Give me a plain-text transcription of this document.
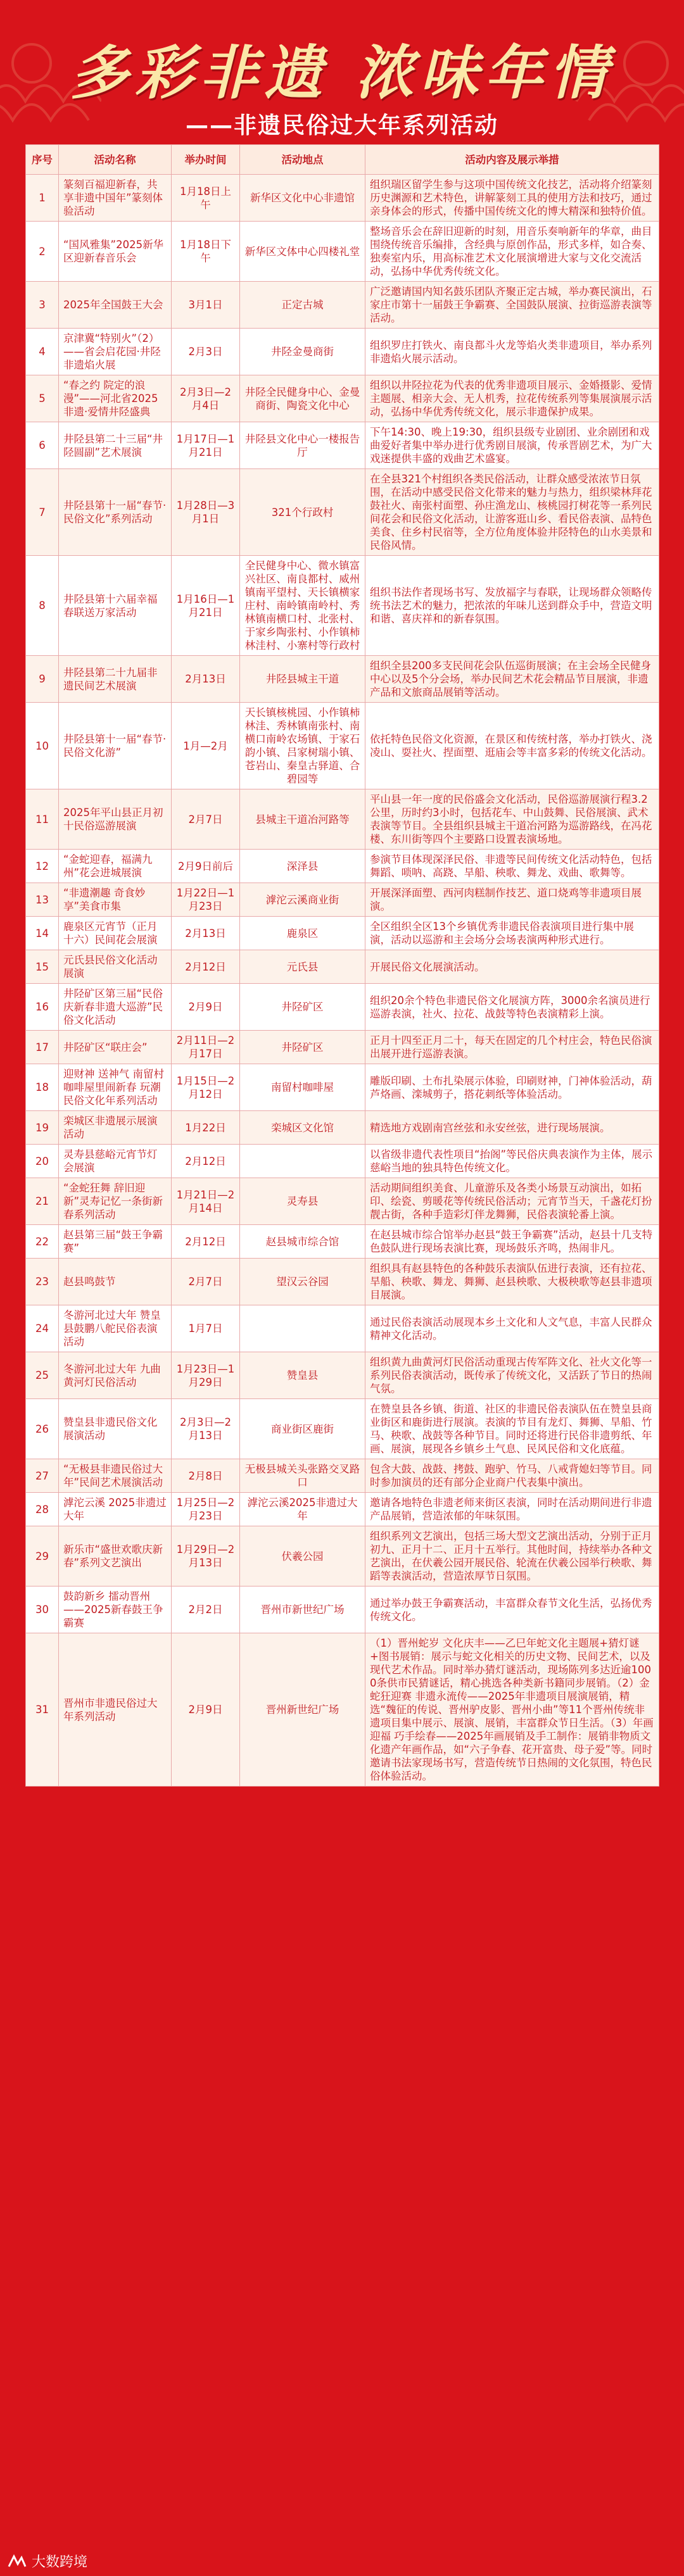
多彩非遗 浓味年情
——非遗民俗过大年系列活动
序号	活动名称	举办时间	活动地点	活动内容及展示举措
1	篆刻百福迎新春，共享非遗中国年”篆刻体验活动	1月18日上午	新华区文化中心非遗馆	组织瑞区留学生参与这项中国传统文化技艺，活动将介绍篆刻历史渊源和艺术特色，讲解篆刻工具的使用方法和技巧，通过亲身体会的形式，传播中国传统文化的博大精深和独特价值。
2	“国风雅集”2025新华区迎新春音乐会	1月18日下午	新华区文体中心四楼礼堂	整场音乐会在辞旧迎新的时刻，用音乐奏响新年的华章，曲目围绕传统音乐编排，含经典与原创作品，形式多样，如合奏、独奏室内乐，用高标准艺术文化展演增进大家与文化交流活动，弘扬中华优秀传统文化。
3	2025年全国鼓王大会	3月1日	正定古城	广泛邀请国内知名鼓乐团队齐聚正定古城，举办赛民演出，石家庄市第十一届鼓王争霸赛、全国鼓队展演、拉街巡游表演等活动。
4	京津冀“特别火”（2）——省会启花园·井陉非遗焰火展	2月3日	井陉金曼商街	组织罗庄打铁火、南良都斗火龙等焰火类非遗项目，举办系列非遗焰火展示活动。
5	“春之约 院定的浪漫”——河北省2025非遗·爱情井陉盛典	2月3日—2月4日	井陉全民健身中心、金曼商街、陶瓷文化中心	组织以井陉拉花为代表的优秀非遗项目展示、金婚摄影、爱情主题展、相亲大会、无人机秀，拉花传统系列等集展演展示活动，弘扬中华优秀传统文化，展示非遗保护成果。
6	井陉县第二十三届“井陉圆副”艺术展演	1月17日—1月21日	井陉县文化中心一楼报告厅	下午14:30、晚上19:30，组织县级专业剧团、业余剧团和戏曲爱好者集中举办进行优秀剧目展演，传承晋剧艺术，为广大戏迷提供丰盛的戏曲艺术盛宴。
7	井陉县第十一届“春节·民俗文化”系列活动	1月28日—3月1日	321个行政村	在全县321个村组织各类民俗活动，让群众感受浓浓节日氛围，在活动中感受民俗文化带来的魅力与热力，组织梁林拜花鼓社火、南张村面塑、孙庄渔龙山、核桃园打树花等一系列民间花会和民俗文化活动，让游客逛山乡、看民俗表演、品特色美食、住乡村民宿等，全方位角度体验井陉特色的山水美景和民俗风情。
8	井陉县第十六届幸福春联送万家活动	1月16日—1月21日	全民健身中心、微水镇富兴社区、南良都村、威州镇南平望村、天长镇横家庄村、南岭镇南岭村、秀林镇南横口村、北张村、于家乡陶张村、小作镇柿林洼村、小寨村等行政村	组织书法作者现场书写、发放福字与春联，让现场群众领略传统书法艺术的魅力，把浓浓的年味儿送到群众手中，营造文明和谐、喜庆祥和的新春氛围。
9	井陉县第二十九届非遗民间艺术展演	2月13日	井陉县城主干道	组织全县200多支民间花会队伍巡街展演；在主会场全民健身中心以及5个分会场，举办民间艺术花会精品节目展演，非遗产品和文旅商品展销等活动。
10	井陉县第十一届“春节·民俗文化游”	1月—2月	天长镇核桃园、小作镇柿林洼、秀林镇南张村、南横口南岭农场镇、于家石韵小镇、吕家树瑞小镇、苍岩山、秦皇古驿道、合碧园等	依托特色民俗文化资源，在景区和传统村落，举办打铁火、浇凌山、耍社火、捏面塑、逛庙会等丰富多彩的传统文化活动。
11	2025年平山县正月初十民俗巡游展演	2月7日	县城主干道冶河路等	平山县一年一度的民俗盛会文化活动，民俗巡游展演行程3.2公里，历时约3小时，包括花车、中山鼓舞、民俗展演、武术表演等节目。全县组织县城主干道冶河路为巡游路线，在冯花楼、东川街等四个主要路口设置表演场地。
12	“金蛇迎春，福满九州”花会进城展演	2月9日前后	深泽县	参演节目体现深泽民俗、非遗等民间传统文化活动特色，包括舞蹈、唢呐、高跷、旱船、秧歌、舞龙、戏曲、歌舞等。
13	“非遗潮趣 奇食妙享”美食市集	1月22日—1月23日	滹沱云溪商业街	开展深泽面塑、西河肉糕制作技艺、道口烧鸡等非遗项目展演。
14	鹿泉区元宵节（正月十六）民间花会展演	2月13日	鹿泉区	全区组织全区13个乡镇优秀非遗民俗表演项目进行集中展演，活动以巡游和主会场分会场表演两种形式进行。
15	元氏县民俗文化活动展演	2月12日	元氏县	开展民俗文化展演活动。
16	井陉矿区第三届“民俗庆新春非遗大巡游”民俗文化活动	2月9日	井陉矿区	组织20余个特色非遗民俗文化展演方阵，3000余名演员进行巡游表演，社火、拉花、战鼓等特色表演精彩上演。
17	井陉矿区“联庄会”	2月11日—2月17日	井陉矿区	正月十四至正月二十，每天在固定的几个村庄会，特色民俗演出展开进行巡游表演。
18	迎财神 送神气 南留村咖啡屋里闹新春 玩潮民俗文化年系列活动	1月15日—2月12日	南留村咖啡屋	雕版印刷、土布扎染展示体验，印刷财神，门神体验活动，葫芦烙画、滦城剪子，搭花刺纸等体验活动。
19	栾城区非遗展示展演活动	1月22日	栾城区文化馆	精选地方戏剧南宫丝弦和永安丝弦，进行现场展演。
20	灵寿县慈峪元宵节灯会展演	2月12日		以省级非遗代表性项目“抬阁”等民俗庆典表演作为主体，展示慈峪当地的独具特色传统文化。
21	“金蛇狂舞 辞旧迎新”灵寿记忆一条街新春系列活动	1月21日—2月14日	灵寿县	活动期间组织美食、儿童游乐及各类小场景互动演出，如拓印、绘瓷、剪暖花等传统民俗活动；元宵节当天，千盏花灯扮靓古街，各种手造彩灯伴龙舞狮，民俗表演轮番上演。
22	赵县第三届“鼓王争霸赛”	2月12日	赵县城市综合馆	在赵县城市综合馆举办赵县“鼓王争霸赛”活动，赵县十几支特色鼓队进行现场表演比赛，现场鼓乐齐鸣，热闹非凡。
23	赵县鸣鼓节	2月7日	望汉云谷园	组织具有赵县特色的各种鼓乐表演队伍进行表演，还有拉花、旱船、秧歌、舞龙、舞狮、赵县秧歌、大极秧歌等赵县非遗项目展演。
24	冬游河北过大年 赞皇县鼓鹏八舵民俗表演活动	1月7日		通过民俗表演活动展现本乡土文化和人文气息，丰富人民群众精神文化活动。
25	冬游河北过大年 九曲黄河灯民俗活动	1月23日—1月29日	赞皇县	组织黄九曲黄河灯民俗活动重现古传军阵文化、社火文化等一系列民俗表演活动，既传承了传统文化，又活跃了节日的热闹气氛。
26	赞皇县非遗民俗文化展演活动	2月3日—2月13日	商业街区鹿街	在赞皇县各乡镇、街道、社区的非遗民俗表演队伍在赞皇县商业街区和鹿街进行展演。表演的节目有龙灯、舞狮、旱船、竹马、秧歌、战鼓等各种节目。同时还将进行民俗非遗剪纸、年画、展演，展现各乡镇乡土气息、民风民俗和文化底蕴。
27	“无极县非遗民俗过大年”民间艺术展演活动	2月8日	无极县城关头张路交叉路口	包含大鼓、战鼓、拷鼓、跑驴、竹马、八戒背媳妇等节目。同时参加演员的还有部分企业商户代表集中演出。
28	滹沱云溪 2025非遗过大年	1月25日—2月23日	滹沱云溪2025非遗过大年	邀请各地特色非遗老师来街区表演，同时在活动期间进行非遗产品展销，营造浓郁的年味氛围。
29	新乐市“盛世欢歌庆新春”系列文艺演出	1月29日—2月13日	伏羲公园	组织系列文艺演出，包括三场大型文艺演出活动，分别于正月初九、正月十二、正月十五举行。其他时间，持续举办各种文艺演出，在伏羲公园开展民俗、轮流在伏羲公园举行秧歌、舞蹈等表演活动，营造浓厚节日氛围。
30	鼓韵新乡 擂动晋州——2025新春鼓王争霸赛	2月2日	晋州市新世纪广场	通过举办鼓王争霸赛活动，丰富群众春节文化生活，弘扬优秀传统文化。
31	晋州市非遗民俗过大年系列活动	2月9日	晋州新世纪广场	（1）晋州蛇岁 文化庆丰——乙巳年蛇文化主题展+猜灯谜+图书展销：展示与蛇文化相关的历史文物、民间艺术，以及现代艺术作品。同时举办猜灯谜活动，现场陈列多达近逾1000条供市民猜谜话，精心挑选各种类新书籍同步展销。（2）金蛇狂迎赛 非遗永流传——2025年非遗项目展演展销，精选“魏征的传说、晋州驴皮影、晋州小曲”等11个晋州传统非遗项目集中展示、展演、展销，丰富群众节日生活。（3）年画迎福 巧手绘春——2025年画展销及手工制作：展销非物质文化遗产年画作品，如“六子争春、花开富贵、母子爱”等。同时邀请书法家现场书写，营造传统节日热闹的文化氛围，特色民俗体验活动。
大数跨境
